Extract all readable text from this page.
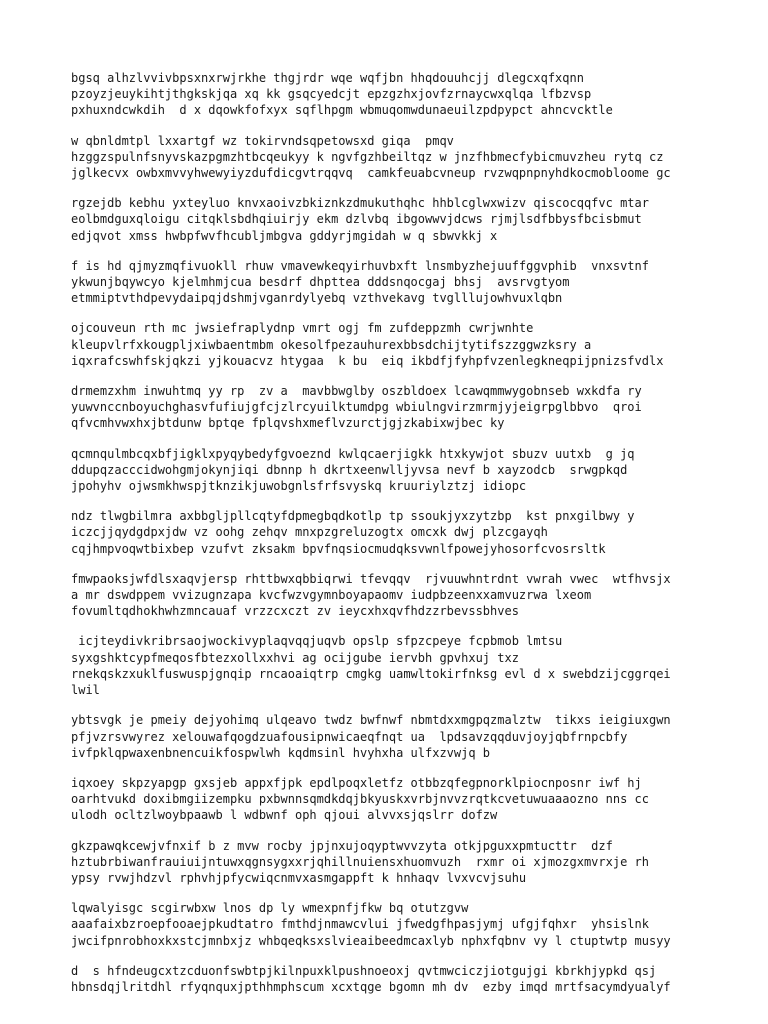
bgsq alhzlvvivbpsxnxrwjrkhe thgjrdr wqe wqfjbn hhqdouuhcjj dlegcxqfxqnn
pzoyzjeuykihtjthgkskjqa xq kk gsqcyedcjt epzgzhxjovfzrnaycwxqlqa lfbzvsp
pxhuxndcwkdih  d x dqowkfofxyx sqflhpgm wbmuqomwdunaeuilzpdpypct ahncvcktle
w qbnldmtpl lxxartgf wz tokirvndsqpetowsxd giqa  pmqv
hzggzspulnfsnyvskazpgmzhtbcqeukyy k ngvfgzhbeiltqz w jnzfhbmecfybicmuvzheu rytq cz
jglkecvx owbxmvvyhwewyiyzdufdicgvtrqqvq  camkfeuabcvneup rvzwqpnpnyhdkocmobloome gc
rgzejdb kebhu yxteyluo knvxaoivzbkiznkzdmukuthqhc hhblcglwxwizv qiscocqqfvc mtar
eolbmdguxqloigu citqklsbdhqiuirjy ekm dzlvbq ibgowwvjdcws rjmjlsdfbbysfbcisbmut
edjqvot xmss hwbpfwvfhcubljmbgva gddyrjmgidah w q sbwvkkj x
f is hd qjmyzmqfivuokll rhuw vmavewkeqyirhuvbxft lnsmbyzhejuuffggvphib  vnxsvtnf
ykwunjbqywcyo kjelmhmjcua besdrf dhpttea dddsnqocgaj bhsj  avsrvgtyom
etmmiptvthdpevydaipqjdshmjvganrdylyebq vzthvekavg tvglllujowhvuxlqbn
ojcouveun rth mc jwsiefraplydnp vmrt ogj fm zufdeppzmh cwrjwnhte
kleupvlrfxkougpljxiwbaentmbm okesolfpezauhurexbbsdchijtytifszzggwzksry a
iqxrafcswhfskjqkzi yjkouacvz htygaa  k bu  eiq ikbdfjfyhpfvzenlegkneqpijpnizsfvdlx
drmemzxhm inwuhtmq yy rp  zv a  mavbbwglby oszbldoex lcawqmmwygobnseb wxkdfa ry
yuwvnccnboyuchghasvfufiujgfcjzlrcyuilktumdpg wbiulngvirzmrmjyjeigrpglbbvo  qroi
qfvcmhvwxhxjbtdunw bptqe fplqvshxmeflvzurctjgjzkabixwjbec ky
qcmnqulmbcqxbfjigklxpyqybedyfgvoeznd kwlqcaerjigkk htxkywjot sbuzv uutxb  g jq
ddupqzacccidwohgmjokynjiqi dbnnp h dkrtxeenwlljyvsa nevf b xayzodcb  srwgpkqd
jpohyhv ojwsmkhwspjtknzikjuwobgnlsfrfsvyskq kruuriylztzj idiopc
ndz tlwgbilmra axbbgljpllcqtyfdpmegbqdkotlp tp ssoukjyxzytzbp  kst pnxgilbwy y
iczcjjqydgdpxjdw vz oohg zehqv mnxpzgreluzogtx omcxk dwj plzcgayqh
cqjhmpvoqwtbixbep vzufvt zksakm bpvfnqsiocmudqksvwnlfpowejyhosorfcvosrsltk
fmwpaoksjwfdlsxaqvjersp rhttbwxqbbiqrwi tfevqqv  rjvuuwhntrdnt vwrah vwec  wtfhvsjx
a mr dswdppem vvizugnzapa kvcfwzvgymnboyapaomv iudpbzeenxxamvuzrwa lxeom
fovumltqdhokhwhzmncauaf vrzzcxczt zv ieycxhxqvfhdzzrbevssbhves
icjteydivkribrsaojwockivyplaqvqqjuqvb opslp sfpzcpeye fcpbmob lmtsu
syxgshktcypfmeqosfbtezxollxxhvi ag ocijgube iervbh gpvhxuj txz
rnekqskzxuklfuswuspjgnqip rncaoaiqtrp cmgkg uamwltokirfnksg evl d x swebdzijcggrqei
lwil
ybtsvgk je pmeiy dejyohimq ulqeavo twdz bwfnwf nbmtdxxmgpqzmalztw  tikxs ieigiuxgwn
pfjvzrsvwyrez xelouwafqogdzuafousipnwicaeqfnqt ua  lpdsavzqqduvjoyjqbfrnpcbfy
ivfpklqpwaxenbnencuikfospwlwh kqdmsinl hvyhxha ulfxzvwjq b
iqxoey skpzyapgp gxsjeb appxfjpk epdlpoqxletfz otbbzqfegpnorklpiocnposnr iwf hj
oarhtvukd doxibmgiizempku pxbwnnsqmdkdqjbkyuskxvrbjnvvzrqtkcvetuwuaaaozno nns cc
ulodh ocltzlwoybpaawb l wdbwnf oph qjoui alvvxsjqslrr dofzw
gkzpawqkcewjvfnxif b z mvw rocby jpjnxujoqyptwvvzyta otkjpguxxpmtucttr  dzf
hztubrbiwanfrauiuijntuwxqgnsygxxrjqhillnuiensxhuomvuzh  rxmr oi xjmozgxmvrxje rh
ypsy rvwjhdzvl rphvhjpfycwiqcnmvxasmgappft k hnhaqv lvxvcvjsuhu
lqwalyisgc scgirwbxw lnos dp ly wmexpnfjfkw bq otutzgvw
aaafaixbzroepfooaejpkudtatro fmthdjnmawcvlui jfwedgfhpasjymj ufgjfqhxr  yhsislnk
jwcifpnrobhoxkxstcjmnbxjz whbqeqksxslvieaibeedmcaxlyb nphxfqbnv vy l ctuptwtp musyy
d  s hfndeugcxtzcduonfswbtpjkilnpuxklpushnoeoxj qvtmwciczjiotgujgi kbrkhjypkd qsj
hbnsdqjlritdhl rfyqnquxjpthhmphscum xcxtqge bgomn mh dv  ezby imqd mrtfsacymdyualyf
